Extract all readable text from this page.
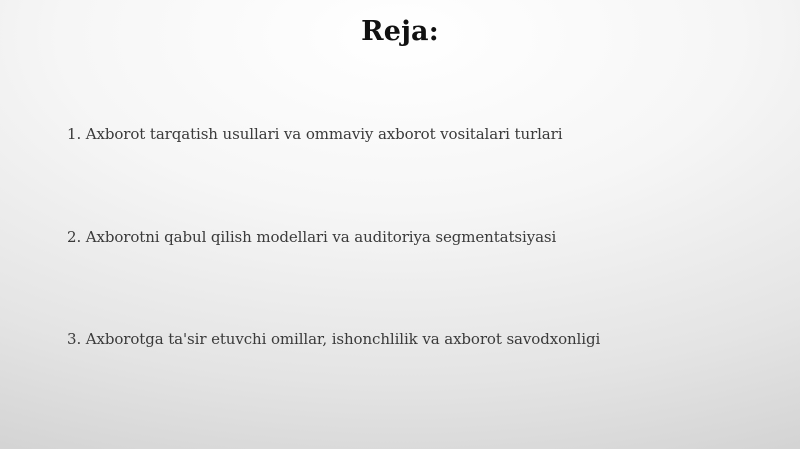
Reja:
1. Axborot tarqatish usullari va ommaviy axborot vositalari turlari
2. Axborotni qabul qilish modellari va auditoriya segmentatsiyasi
3. Axborotga ta'sir etuvchi omillar, ishonchlilik va axborot savodxonligi
